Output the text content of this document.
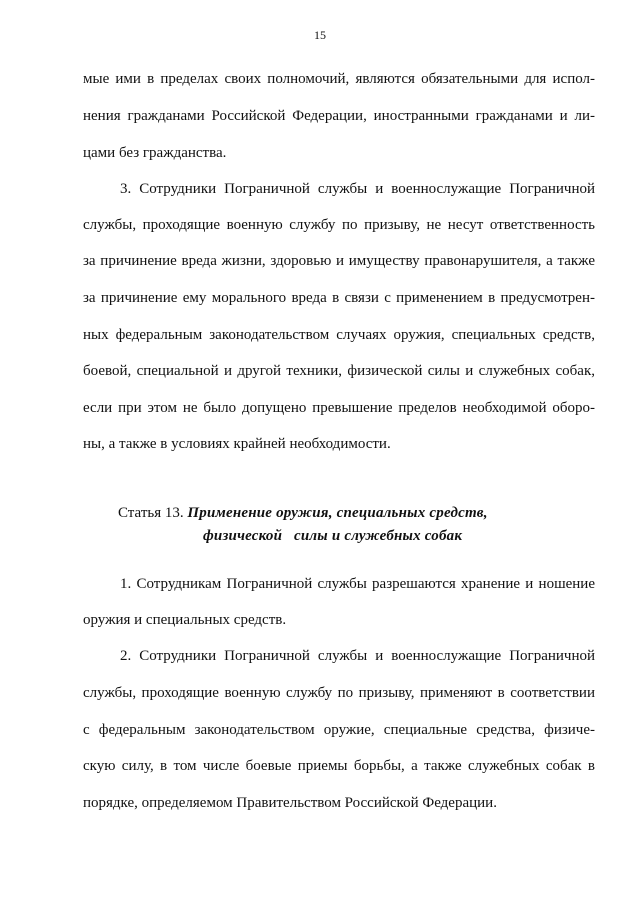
15
мые ими в пределах своих полномочий, являются обязательными для испол-
нения гражданами Российской Федерации, иностранными гражданами и ли-
цами без гражданства.
3. Сотрудники Пограничной службы и военнослужащие Пограничной
службы, проходящие военную службу по призыву, не несут ответственность
за причинение вреда жизни, здоровью и имуществу правонарушителя, а также
за причинение ему морального вреда в связи с применением в предусмотрен-
ных федеральным законодательством случаях оружия, специальных средств,
боевой, специальной и другой техники, физической силы и служебных собак,
если при этом не было допущено превышение пределов необходимой оборо-
ны, а также в условиях крайней необходимости.
Статья 13. Применение оружия, специальных средств,
физической   силы и служебных собак
1. Сотрудникам Пограничной службы разрешаются хранение и ношение
оружия и специальных средств.
2. Сотрудники Пограничной службы и военнослужащие Пограничной
службы, проходящие военную службу по призыву, применяют в соответствии
с федеральным законодательством оружие, специальные средства, физиче-
скую силу, в том числе боевые приемы борьбы, а также служебных собак в
порядке, определяемом Правительством Российской Федерации.
